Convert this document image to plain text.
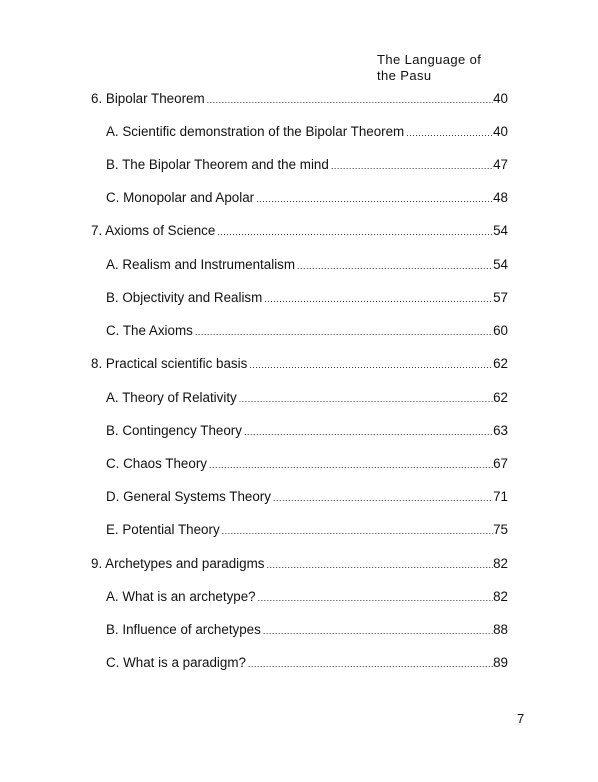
The Language of
the Pasu
6. Bipolar Theorem .....	40
A. Scientific demonstration of the Bipolar Theorem .....	40
B. The Bipolar Theorem and the mind .....	47
C. Monopolar and Apolar .....	48
7. Axioms of Science .....	54
A. Realism and Instrumentalism .....	54
B. Objectivity and Realism .....	57
C. The Axioms .....	60
8. Practical scientific basis .....	62
A. Theory of Relativity .....	62
B. Contingency Theory .....	63
C. Chaos Theory .....	67
D. General Systems Theory .....	71
E. Potential Theory .....	75
9. Archetypes and paradigms .....	82
A. What is an archetype? .....	82
B. Influence of archetypes .....	88
C. What is a paradigm? .....	89
7
